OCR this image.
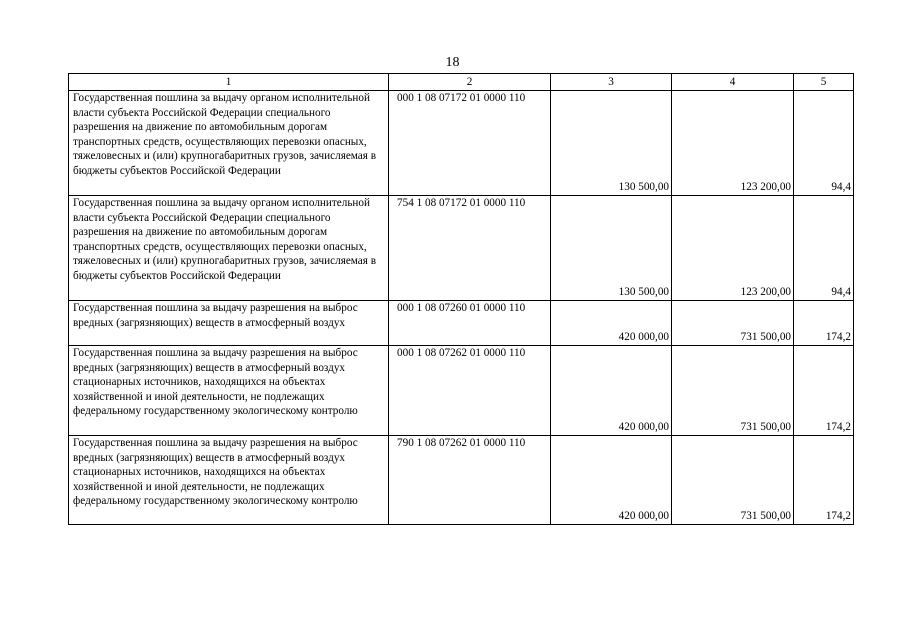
18
1	2	3	4	5
Государственная пошлина за выдачу органом исполнительной власти субъекта Российской Федерации специального разрешения на движение по автомобильным дорогам транспортных средств, осуществляющих перевозки опасных, тяжеловесных и (или) крупногабаритных грузов, зачисляемая в бюджеты субъектов Российской Федерации	000 1 08 07172 01 0000 110	130 500,00	123 200,00	94,4
Государственная пошлина за выдачу органом исполнительной власти субъекта Российской Федерации специального разрешения на движение по автомобильным дорогам транспортных средств, осуществляющих перевозки опасных, тяжеловесных и (или) крупногабаритных грузов, зачисляемая в бюджеты субъектов Российской Федерации	754 1 08 07172 01 0000 110	130 500,00	123 200,00	94,4
Государственная пошлина за выдачу разрешения на выброс вредных (загрязняющих) веществ в атмосферный воздух	000 1 08 07260 01 0000 110	420 000,00	731 500,00	174,2
Государственная пошлина за выдачу разрешения на выброс вредных (загрязняющих) веществ в атмосферный воздух стационарных источников, находящихся на объектах хозяйственной и иной деятельности, не подлежащих федеральному государственному экологическому контролю	000 1 08 07262 01 0000 110	420 000,00	731 500,00	174,2
Государственная пошлина за выдачу разрешения на выброс вредных (загрязняющих) веществ в атмосферный воздух стационарных источников, находящихся на объектах хозяйственной и иной деятельности, не подлежащих федеральному государственному экологическому контролю	790 1 08 07262 01 0000 110	420 000,00	731 500,00	174,2
